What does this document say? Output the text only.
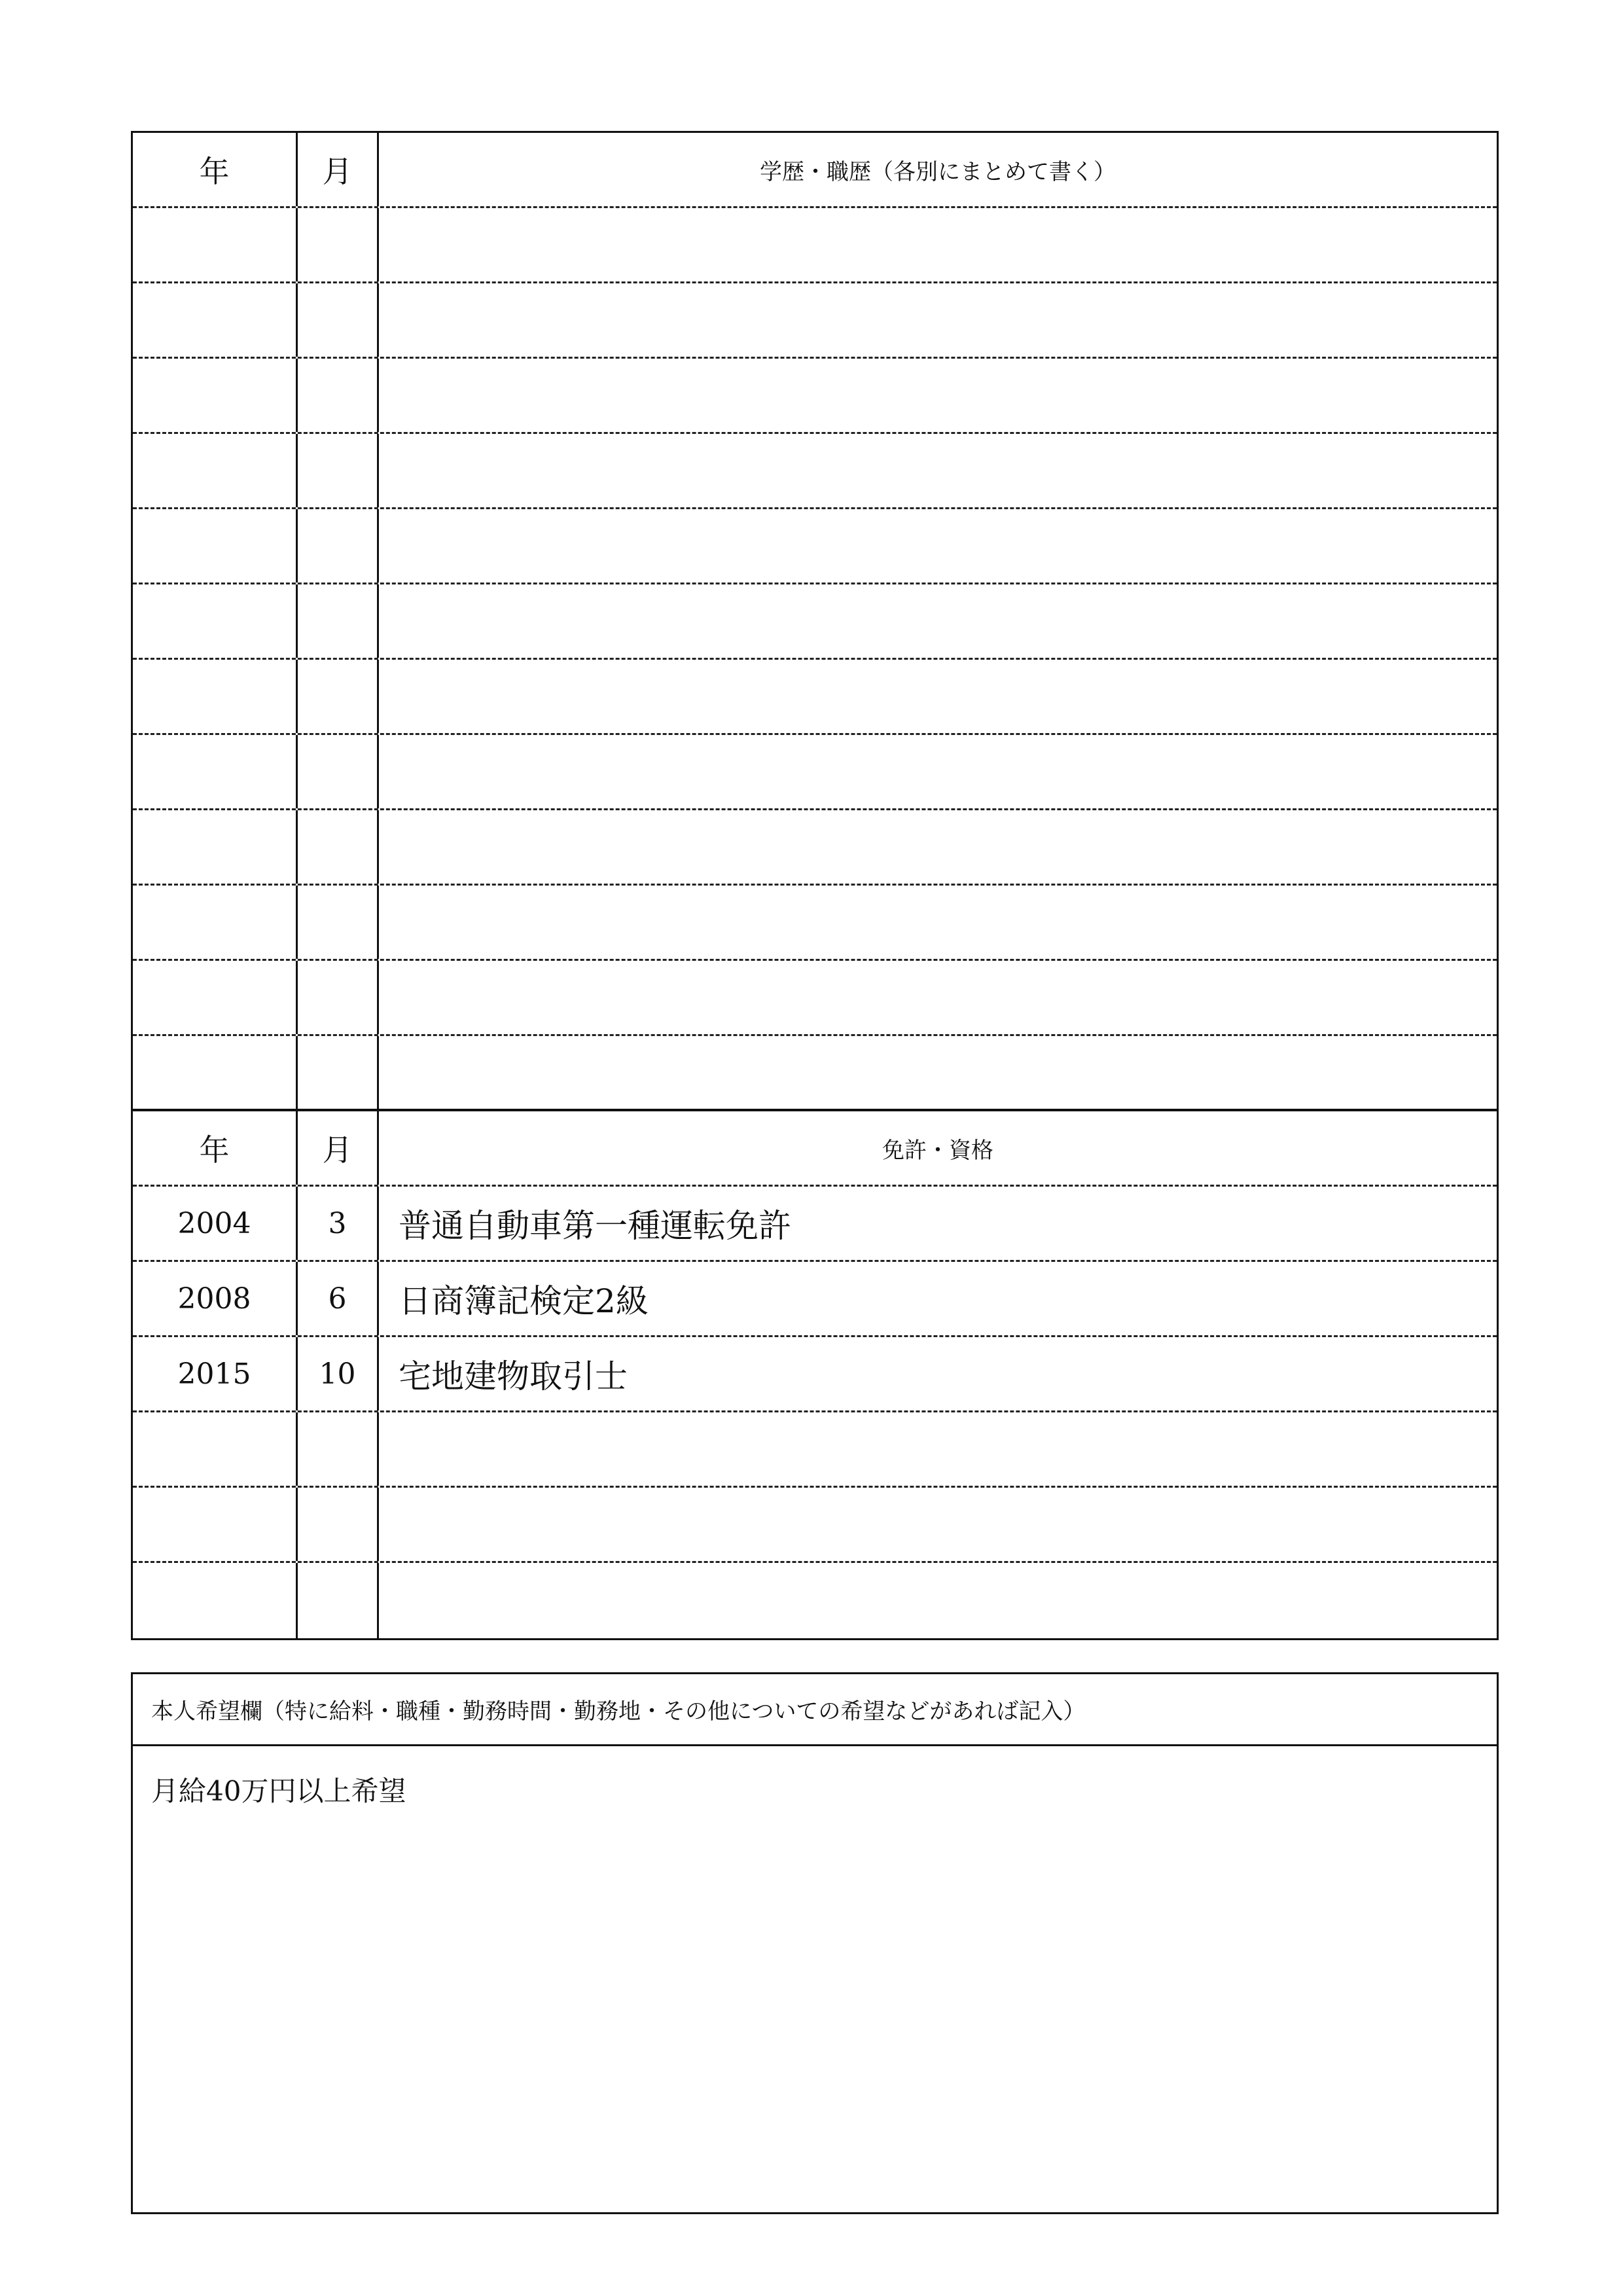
年	月	学歴・職歴（各別にまとめて書く）
年	月	免許・資格
2004	3	普通自動車第一種運転免許
2008	6	日商簿記検定2級
2015	10	宅地建物取引士
本人希望欄（特に給料・職種・勤務時間・勤務地・その他についての希望などがあれば記入）
月給40万円以上希望
